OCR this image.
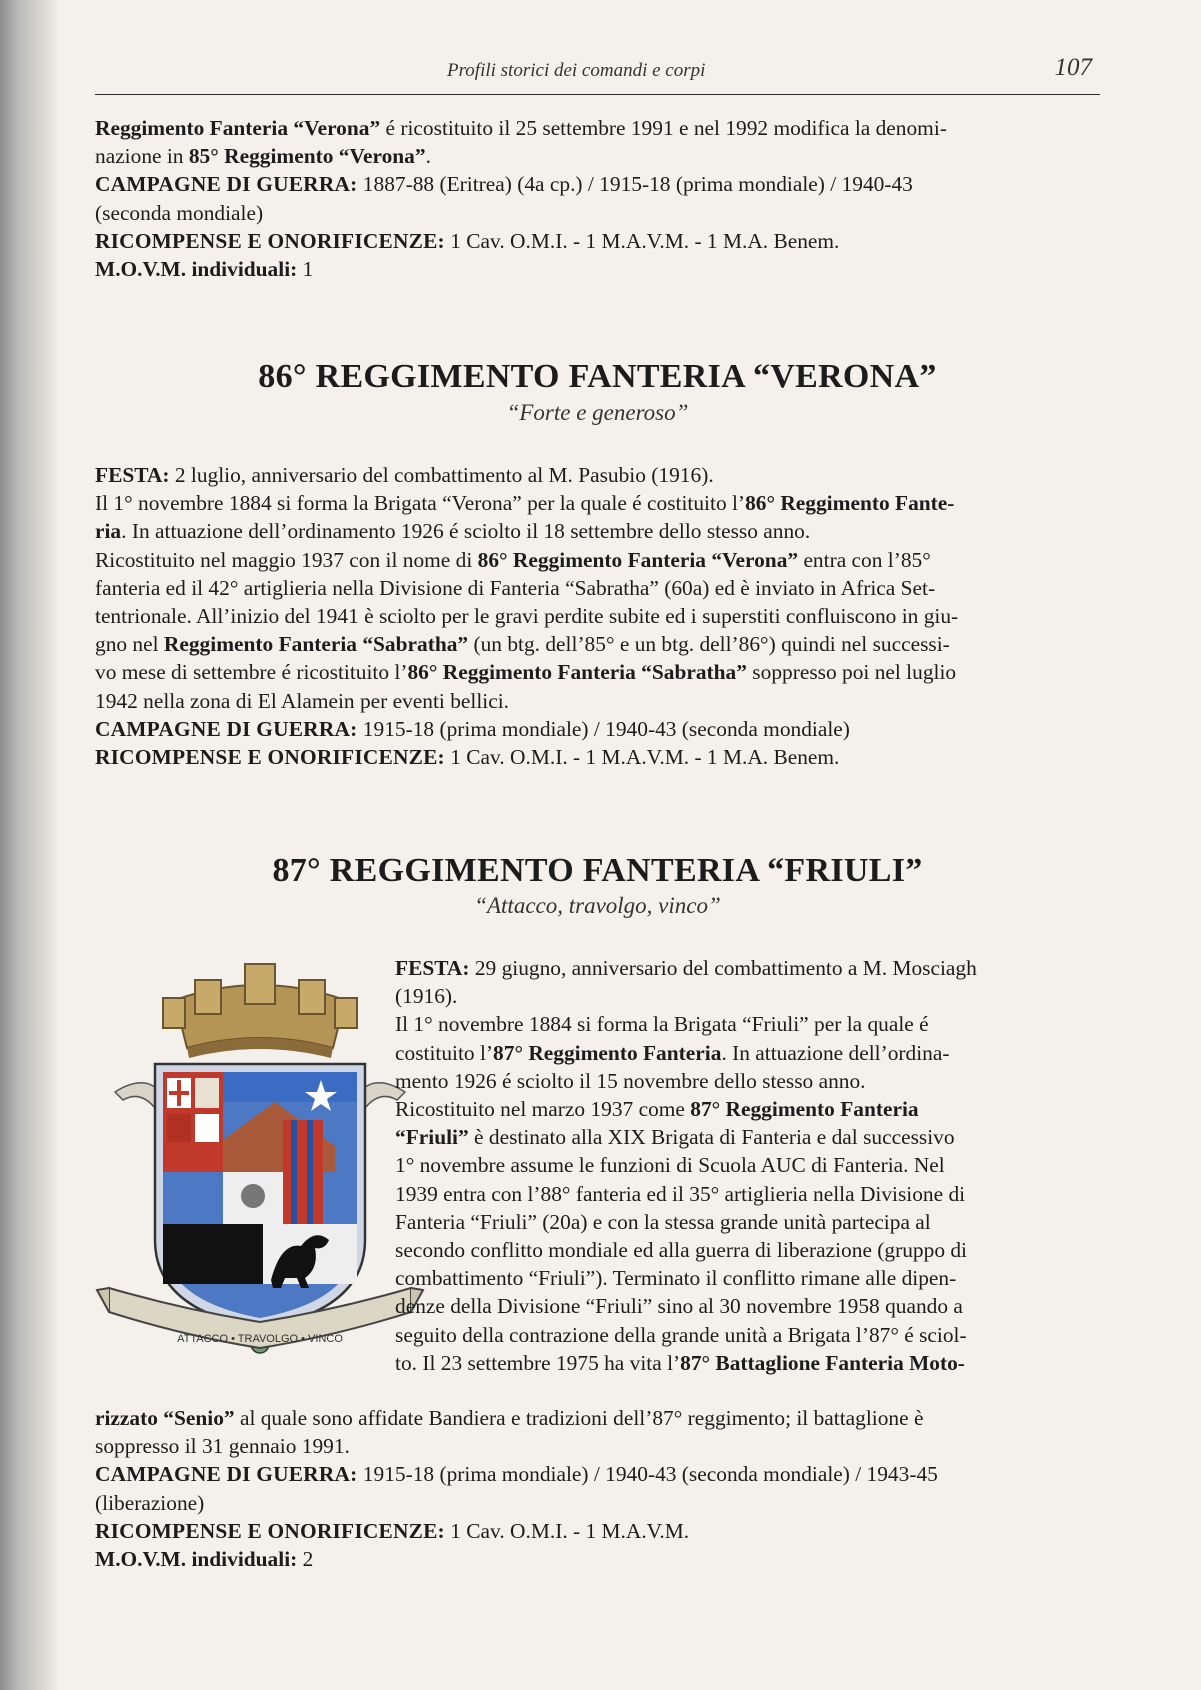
Profili storici dei comandi e corpi	107

Reggimento Fanteria “Verona” é ricostituito il 25 settembre 1991 e nel 1992 modifica la denomi-

nazione in 85° Reggimento “Verona”.

CAMPAGNE DI GUERRA: 1887-88 (Eritrea) (4a cp.) / 1915-18 (prima mondiale) / 1940-43

(seconda mondiale)

RICOMPENSE E ONORIFICENZE: 1 Cav. O.M.I. - 1 M.A.V.M. - 1 M.A. Benem.

M.O.V.M. individuali: 1

86° REGGIMENTO FANTERIA “VERONA”
“Forte e generoso”

FESTA: 2 luglio, anniversario del combattimento al M. Pasubio (1916).

Il 1° novembre 1884 si forma la Brigata “Verona” per la quale é costituito l’86° Reggimento Fante-

ria. In attuazione dell’ordinamento 1926 é sciolto il 18 settembre dello stesso anno.

Ricostituito nel maggio 1937 con il nome di 86° Reggimento Fanteria “Verona” entra con l’85°

fanteria ed il 42° artiglieria nella Divisione di Fanteria “Sabratha” (60a) ed è inviato in Africa Set-

tentrionale. All’inizio del 1941 è sciolto per le gravi perdite subite ed i superstiti confluiscono in giu-

gno nel Reggimento Fanteria “Sabratha” (un btg. dell’85° e un btg. dell’86°) quindi nel successi-

vo mese di settembre é ricostituito l’86° Reggimento Fanteria “Sabratha” soppresso poi nel luglio

1942 nella zona di El Alamein per eventi bellici.

CAMPAGNE DI GUERRA: 1915-18 (prima mondiale) / 1940-43 (seconda mondiale)

RICOMPENSE E ONORIFICENZE: 1 Cav. O.M.I. - 1 M.A.V.M. - 1 M.A. Benem.

87° REGGIMENTO FANTERIA “FRIULI”
“Attacco, travolgo, vinco”
ATTACCO • TRAVOLGO • VINCO

FESTA: 29 giugno, anniversario del combattimento a M. Mosciagh

(1916).

Il 1° novembre 1884 si forma la Brigata “Friuli” per la quale é

costituito l’87° Reggimento Fanteria. In attuazione dell’ordina-

mento 1926 é sciolto il 15 novembre dello stesso anno.

Ricostituito nel marzo 1937 come 87° Reggimento Fanteria

“Friuli” è destinato alla XIX Brigata di Fanteria e dal successivo

1° novembre assume le funzioni di Scuola AUC di Fanteria. Nel

1939 entra con l’88° fanteria ed il 35° artiglieria nella Divisione di

Fanteria “Friuli” (20a) e con la stessa grande unità partecipa al

secondo conflitto mondiale ed alla guerra di liberazione (gruppo di

combattimento “Friuli”). Terminato il conflitto rimane alle dipen-

denze della Divisione “Friuli” sino al 30 novembre 1958 quando a

seguito della contrazione della grande unità a Brigata l’87° é sciol-

to. Il 23 settembre 1975 ha vita l’87° Battaglione Fanteria Moto-

rizzato “Senio” al quale sono affidate Bandiera e tradizioni dell’87° reggimento; il battaglione è

soppresso il 31 gennaio 1991.

CAMPAGNE DI GUERRA: 1915-18 (prima mondiale) / 1940-43 (seconda mondiale) / 1943-45

(liberazione)

RICOMPENSE E ONORIFICENZE: 1 Cav. O.M.I. - 1 M.A.V.M.

M.O.V.M. individuali: 2
